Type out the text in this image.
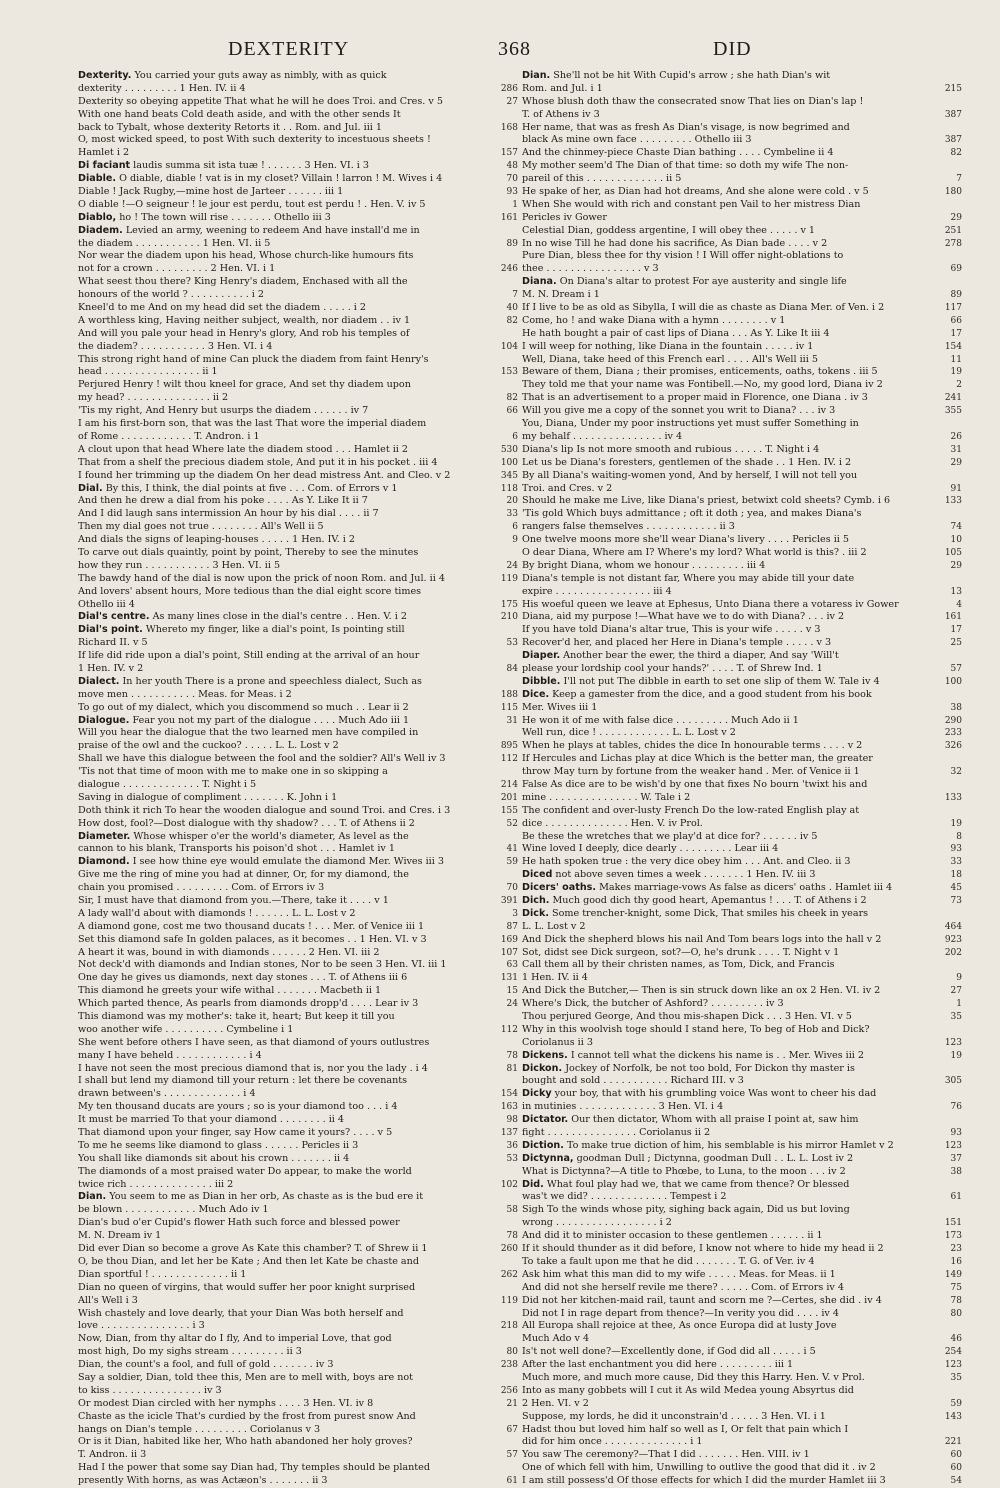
DEXTERITY	368	DID
Dexterity. You carried your guts away as nimbly, with as quick
dexterity . . . . . . . . . 1 Hen. IV. ii 4	286
Dexterity so obeying appetite That what he will he does Troi. and Cres. v 5	27
With one hand beats Cold death aside, and with the other sends It
back to Tybalt, whose dexterity Retorts it . . Rom. and Jul. iii 1	168
O, most wicked speed, to post With such dexterity to incestuous sheets !
Hamlet i 2	157
Di faciant laudis summa sit ista tuæ ! . . . . . . 3 Hen. VI. i 3	48
Diable. O diable, diable ! vat is in my closet? Villain ! larron ! M. Wives i 4	70
Diable ! Jack Rugby,—mine host de Jarteer . . . . . . iii 1	93
O diable !—O seigneur ! le jour est perdu, tout est perdu ! . Hen. V. iv 5	1
Diablo, ho ! The town will rise . . . . . . . Othello iii 3	161
Diadem. Levied an army, weening to redeem And have install'd me in
the diadem . . . . . . . . . . . 1 Hen. VI. ii 5	89
Nor wear the diadem upon his head, Whose church-like humours fits
not for a crown . . . . . . . . . 2 Hen. VI. i 1	246
What seest thou there? King Henry's diadem, Enchased with all the
honours of the world ? . . . . . . . . . . i 2	7
Kneel'd to me And on my head did set the diadem . . . . . i 2	40
A worthless king, Having neither subject, wealth, nor diadem . . iv 1	82
And will you pale your head in Henry's glory, And rob his temples of
the diadem? . . . . . . . . . . . 3 Hen. VI. i 4	104
This strong right hand of mine Can pluck the diadem from faint Henry's
head . . . . . . . . . . . . . . . . ii 1	153
Perjured Henry ! wilt thou kneel for grace, And set thy diadem upon
my head? . . . . . . . . . . . . . . ii 2	82
'Tis my right, And Henry but usurps the diadem . . . . . . iv 7	66
I am his first-born son, that was the last That wore the imperial diadem
of Rome . . . . . . . . . . . . T. Andron. i 1	6
A clout upon that head Where late the diadem stood . . . Hamlet ii 2	530
That from a shelf the precious diadem stole, And put it in his pocket . iii 4	100
I found her trimming up the diadem On her dead mistress Ant. and Cleo. v 2	345
Dial. By this, I think, the dial points at five . . . Com. of Errors v 1	118
And then he drew a dial from his poke . . . . As Y. Like It ii 7	20
And I did laugh sans intermission An hour by his dial . . . . ii 7	33
Then my dial goes not true . . . . . . . . All's Well ii 5	6
And dials the signs of leaping-houses . . . . . 1 Hen. IV. i 2	9
To carve out dials quaintly, point by point, Thereby to see the minutes
how they run . . . . . . . . . . . 3 Hen. VI. ii 5	24
The bawdy hand of the dial is now upon the prick of noon Rom. and Jul. ii 4	119
And lovers' absent hours, More tedious than the dial eight score times
Othello iii 4	175
Dial's centre. As many lines close in the dial's centre . . Hen. V. i 2	210
Dial's point. Whereto my finger, like a dial's point, Is pointing still
Richard II. v 5	53
If life did ride upon a dial's point, Still ending at the arrival of an hour
1 Hen. IV. v 2	84
Dialect. In her youth There is a prone and speechless dialect, Such as
move men . . . . . . . . . . . Meas. for Meas. i 2	188
To go out of my dialect, which you discommend so much . . Lear ii 2	115
Dialogue. Fear you not my part of the dialogue . . . . Much Ado iii 1	31
Will you hear the dialogue that the two learned men have compiled in
praise of the owl and the cuckoo? . . . . . L. L. Lost v 2	895
Shall we have this dialogue between the fool and the soldier? All's Well iv 3	112
'Tis not that time of moon with me to make one in so skipping a
dialogue . . . . . . . . . . . . . T. Night i 5	214
Saving in dialogue of compliment . . . . . . . K. John i 1	201
Doth think it rich To hear the wooden dialogue and sound Troi. and Cres. i 3	155
How dost, fool?—Dost dialogue with thy shadow? . . . T. of Athens ii 2	52
Diameter. Whose whisper o'er the world's diameter, As level as the
cannon to his blank, Transports his poison'd shot . . . Hamlet iv 1	41
Diamond. I see how thine eye would emulate the diamond Mer. Wives iii 3	59
Give me the ring of mine you had at dinner, Or, for my diamond, the
chain you promised . . . . . . . . . Com. of Errors iv 3	70
Sir, I must have that diamond from you.—There, take it . . . . v 1	391
A lady wall'd about with diamonds ! . . . . . . L. L. Lost v 2	3
A diamond gone, cost me two thousand ducats ! . . . Mer. of Venice iii 1	87
Set this diamond safe In golden palaces, as it becomes . . 1 Hen. VI. v 3	169
A heart it was, bound in with diamonds . . . . . . 2 Hen. VI. iii 2	107
Not deck'd with diamonds and Indian stones, Nor to be seen 3 Hen. VI. iii 1	63
One day he gives us diamonds, next day stones . . . T. of Athens iii 6	131
This diamond he greets your wife withal . . . . . . . Macbeth ii 1	15
Which parted thence, As pearls from diamonds dropp'd . . . . Lear iv 3	24
This diamond was my mother's: take it, heart; But keep it till you
woo another wife . . . . . . . . . . Cymbeline i 1	112
She went before others I have seen, as that diamond of yours outlustres
many I have beheld . . . . . . . . . . . . i 4	78
I have not seen the most precious diamond that is, nor you the lady . i 4	81
I shall but lend my diamond till your return : let there be covenants
drawn between's . . . . . . . . . . . . . i 4	154
My ten thousand ducats are yours ; so is your diamond too . . . i 4	163
It must be married To that your diamond . . . . . . . . ii 4	98
That diamond upon your finger, say How came it yours? . . . . v 5	137
To me he seems like diamond to glass . . . . . . Pericles ii 3	36
You shall like diamonds sit about his crown . . . . . . . ii 4	53
The diamonds of a most praised water Do appear, to make the world
twice rich . . . . . . . . . . . . . . iii 2	102
Dian. You seem to me as Dian in her orb, As chaste as is the bud ere it
be blown . . . . . . . . . . . . Much Ado iv 1	58
Dian's bud o'er Cupid's flower Hath such force and blessed power
M. N. Dream iv 1	78
Did ever Dian so become a grove As Kate this chamber? T. of Shrew ii 1	260
O, be thou Dian, and let her be Kate ; And then let Kate be chaste and
Dian sportful ! . . . . . . . . . . . . . ii 1	262
Dian no queen of virgins, that would suffer her poor knight surprised
All's Well i 3	119
Wish chastely and love dearly, that your Dian Was both herself and
love . . . . . . . . . . . . . . . i 3	218
Now, Dian, from thy altar do I fly, And to imperial Love, that god
most high, Do my sighs stream . . . . . . . . . ii 3	80
Dian, the count's a fool, and full of gold . . . . . . . iv 3	238
Say a soldier, Dian, told thee this, Men are to mell with, boys are not
to kiss . . . . . . . . . . . . . . . iv 3	256
Or modest Dian circled with her nymphs . . . . 3 Hen. VI. iv 8	21
Chaste as the icicle That's curdied by the frost from purest snow And
hangs on Dian's temple . . . . . . . . . Coriolanus v 3	67
Or is it Dian, habited like her, Who hath abandoned her holy groves?
T. Andron. ii 3	57
Had I the power that some say Dian had, Thy temples should be planted
presently With horns, as was Actæon's . . . . . . . ii 3	61
Dian. She'll not be hit With Cupid's arrow ; she hath Dian's wit
Rom. and Jul. i 1	215
Whose blush doth thaw the consecrated snow That lies on Dian's lap !
T. of Athens iv 3	387
Her name, that was as fresh As Dian's visage, is now begrimed and
black As mine own face . . . . . . . . . Othello iii 3	387
And the chinmey-piece Chaste Dian bathing . . . . Cymbeline ii 4	82
My mother seem'd The Dian of that time: so doth my wife The non-
pareil of this . . . . . . . . . . . . . ii 5	7
He spake of her, as Dian had hot dreams, And she alone were cold . v 5	180
When She would with rich and constant pen Vail to her mistress Dian
Pericles iv Gower	29
Celestial Dian, goddess argentine, I will obey thee . . . . . v 1	251
In no wise Till he had done his sacrifice, As Dian bade . . . . v 2	278
Pure Dian, bless thee for thy vision ! I Will offer night-oblations to
thee . . . . . . . . . . . . . . . . v 3	69
Diana. On Diana's altar to protest For aye austerity and single life
M. N. Dream i 1	89
If I live to be as old as Sibylla, I will die as chaste as Diana Mer. of Ven. i 2	117
Come, ho ! and wake Diana with a hymn . . . . . . . . v 1	66
He hath bought a pair of cast lips of Diana . . . As Y. Like It iii 4	17
I will weep for nothing, like Diana in the fountain . . . . . iv 1	154
Well, Diana, take heed of this French earl . . . . All's Well iii 5	11
Beware of them, Diana ; their promises, enticements, oaths, tokens . iii 5	19
They told me that your name was Fontibell.—No, my good lord, Diana iv 2	2
That is an advertisement to a proper maid in Florence, one Diana . iv 3	241
Will you give me a copy of the sonnet you writ to Diana? . . . iv 3	355
You, Diana, Under my poor instructions yet must suffer Something in
my behalf . . . . . . . . . . . . . . . iv 4	26
Diana's lip Is not more smooth and rubious . . . . . T. Night i 4	31
Let us be Diana's foresters, gentlemen of the shade . . 1 Hen. IV. i 2	29
By all Diana's waiting-women yond, And by herself, I will not tell you
Troi. and Cres. v 2	91
Should he make me Live, like Diana's priest, betwixt cold sheets? Cymb. i 6	133
'Tis gold Which buys admittance ; oft it doth ; yea, and makes Diana's
rangers false themselves . . . . . . . . . . . . ii 3	74
One twelve moons more she'll wear Diana's livery . . . . Pericles ii 5	10
O dear Diana, Where am I? Where's my lord? What world is this? . iii 2	105
By bright Diana, whom we honour . . . . . . . . . iii 4	29
Diana's temple is not distant far, Where you may abide till your date
expire . . . . . . . . . . . . . . . . iii 4	13
His woeful queen we leave at Ephesus, Unto Diana there a votaress iv Gower	4
Diana, aid my purpose !—What have we to do with Diana? . . . iv 2	161
If you have told Diana's altar true, This is your wife . . . . . v 3	17
Recover'd her, and placed her Here in Diana's temple . . . . . v 3	25
Diaper. Another bear the ewer, the third a diaper, And say 'Will't
please your lordship cool your hands?' . . . . T. of Shrew Ind. 1	57
Dibble. I'll not put The dibble in earth to set one slip of them W. Tale iv 4	100
Dice. Keep a gamester from the dice, and a good student from his book
Mer. Wives iii 1	38
He won it of me with false dice . . . . . . . . . Much Ado ii 1	290
Well run, dice ! . . . . . . . . . . . . L. L. Lost v 2	233
When he plays at tables, chides the dice In honourable terms . . . . v 2	326
If Hercules and Lichas play at dice Which is the better man, the greater
throw May turn by fortune from the weaker hand . Mer. of Venice ii 1	32
False As dice are to be wish'd by one that fixes No bourn 'twixt his and
mine . . . . . . . . . . . . . . . W. Tale i 2	133
The confident and over-lusty French Do the low-rated English play at
dice . . . . . . . . . . . . . . Hen. V. iv Prol.	19
Be these the wretches that we play'd at dice for? . . . . . . iv 5	8
Wine loved I deeply, dice dearly . . . . . . . . . Lear iii 4	93
He hath spoken true : the very dice obey him . . . Ant. and Cleo. ii 3	33
Diced not above seven times a week . . . . . . . 1 Hen. IV. iii 3	18
Dicers' oaths. Makes marriage-vows As false as dicers' oaths . Hamlet iii 4	45
Dich. Much good dich thy good heart, Apemantus ! . . . T. of Athens i 2	73
Dick. Some trencher-knight, some Dick, That smiles his cheek in years
L. L. Lost v 2	464
And Dick the shepherd blows his nail And Tom bears logs into the hall v 2	923
Sot, didst see Dick surgeon, sot?—O, he's drunk . . . . T. Night v 1	202
Call them all by their christen names, as Tom, Dick, and Francis
1 Hen. IV. ii 4	9
And Dick the Butcher,— Then is sin struck down like an ox 2 Hen. VI. iv 2	27
Where's Dick, the butcher of Ashford? . . . . . . . . . iv 3	1
Thou perjured George, And thou mis-shapen Dick . . . 3 Hen. VI. v 5	35
Why in this woolvish toge should I stand here, To beg of Hob and Dick?
Coriolanus ii 3	123
Dickens. I cannot tell what the dickens his name is . . Mer. Wives iii 2	19
Dickon. Jockey of Norfolk, be not too bold, For Dickon thy master is
bought and sold . . . . . . . . . . . Richard III. v 3	305
Dicky your boy, that with his grumbling voice Was wont to cheer his dad
in mutinies . . . . . . . . . . . . . 3 Hen. VI. i 4	76
Dictator. Our then dictator, Whom with all praise I point at, saw him
fight . . . . . . . . . . . . . . . Coriolanus ii 2	93
Diction. To make true diction of him, his semblable is his mirror Hamlet v 2	123
Dictynna, goodman Dull ; Dictynna, goodman Dull . . L. L. Lost iv 2	37
What is Dictynna?—A title to Phœbe, to Luna, to the moon . . . iv 2	38
Did. What foul play had we, that we came from thence? Or blessed
was't we did? . . . . . . . . . . . . . Tempest i 2	61
Sigh To the winds whose pity, sighing back again, Did us but loving
wrong . . . . . . . . . . . . . . . . . i 2	151
And did it to minister occasion to these gentlemen . . . . . . ii 1	173
If it should thunder as it did before, I know not where to hide my head ii 2	23
To take a fault upon me that he did . . . . . . . T. G. of Ver. iv 4	16
Ask him what this man did to my wife . . . . . Meas. for Meas. ii 1	149
And did not she herself revile me there? . . . . . Com. of Errors iv 4	75
Did not her kitchen-maid rail, taunt and scorn me ?—Certes, she did . iv 4	78
Did not I in rage depart from thence?—In verity you did . . . . iv 4	80
All Europa shall rejoice at thee, As once Europa did at lusty Jove
Much Ado v 4	46
Is't not well done?—Excellently done, if God did all . . . . . i 5	254
After the last enchantment you did here . . . . . . . . . iii 1	123
Much more, and much more cause, Did they this Harry. Hen. V. v Prol.	35
Into as many gobbets will I cut it As wild Medea young Absyrtus did
2 Hen. VI. v 2	59
Suppose, my lords, he did it unconstrain'd . . . . . 3 Hen. VI. i 1	143
Hadst thou but loved him half so well as I, Or felt that pain which I
did for him once . . . . . . . . . . . . . . i 1	221
You saw The ceremony?—That I did . . . . . . . Hen. VIII. iv 1	60
One of which fell with him, Unwilling to outlive the good that did it . iv 2	60
I am still possess'd Of those effects for which I did the murder Hamlet iii 3	54
